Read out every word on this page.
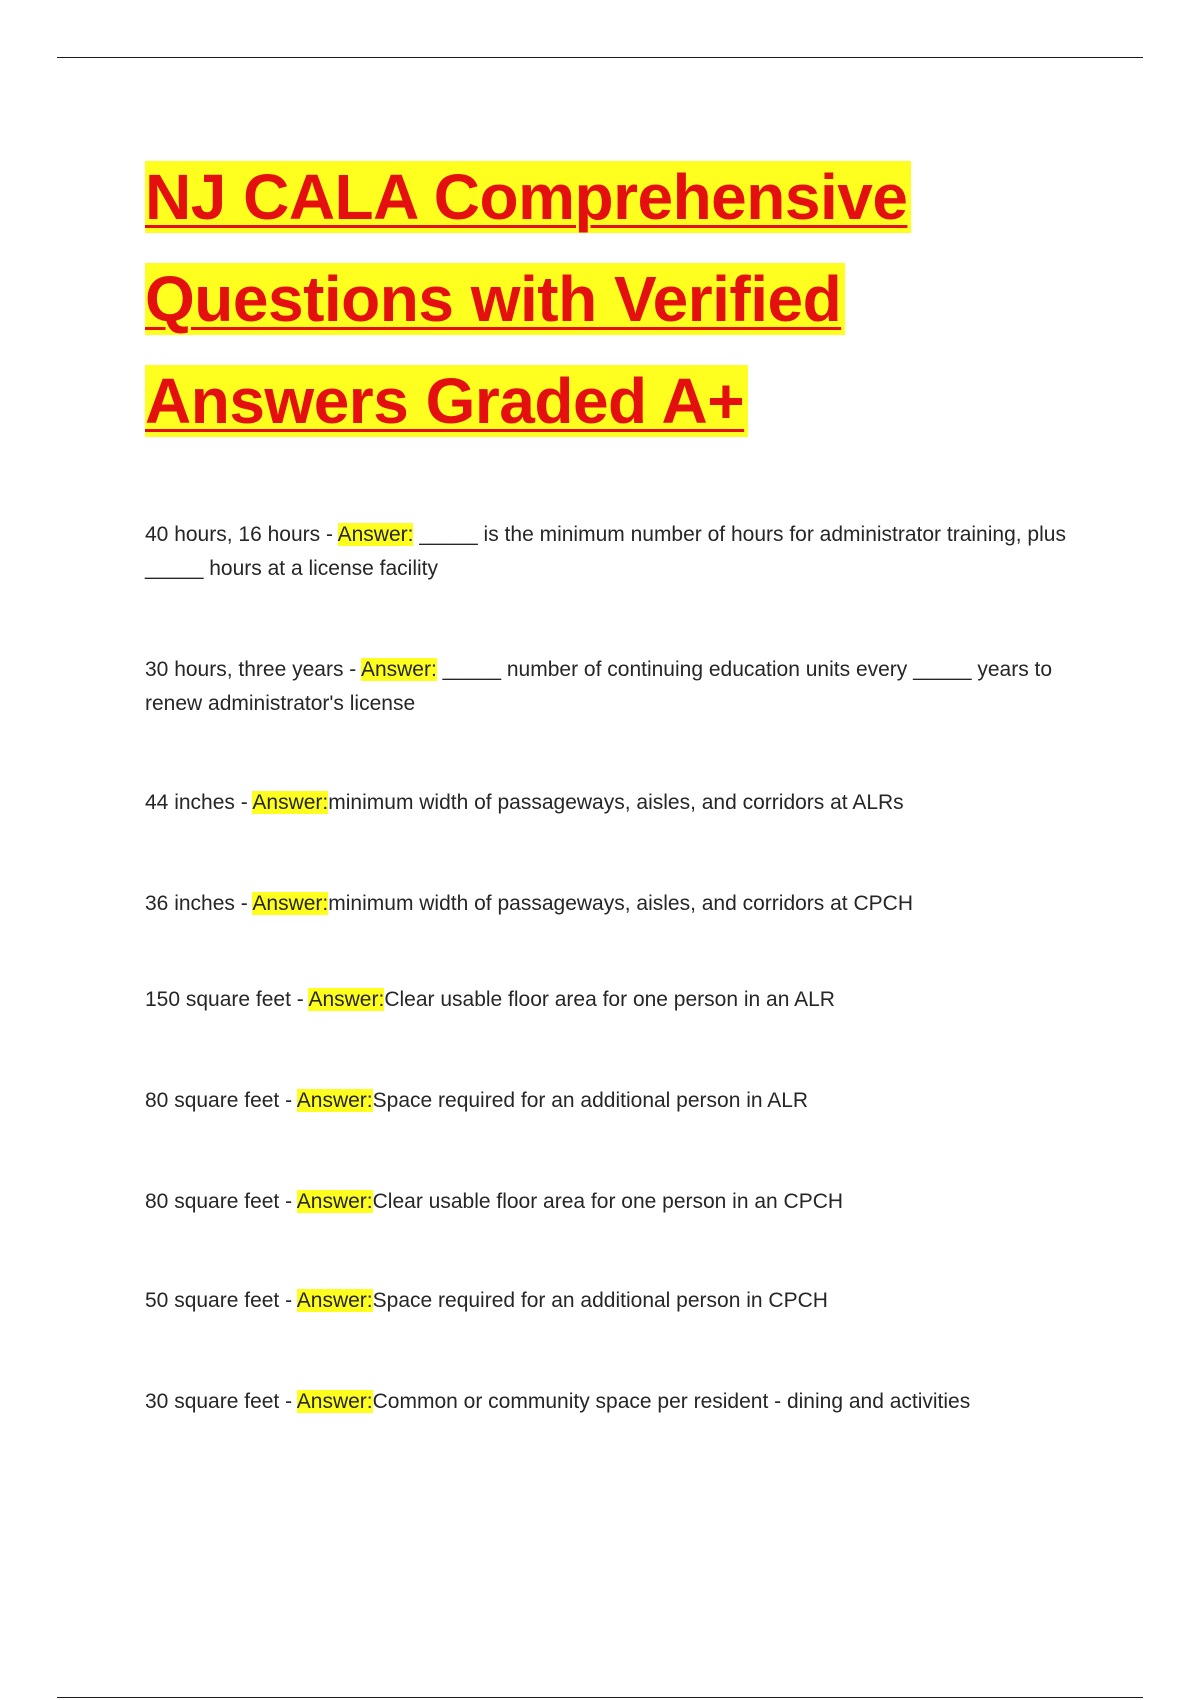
NJ CALA Comprehensive
Questions with Verified
Answers Graded A+
40 hours, 16 hours - Answer: _____ is the minimum number of hours for administrator training, plus _____ hours at a license facility
30 hours, three years - Answer: _____ number of continuing education units every _____ years to renew administrator's license
44 inches - Answer:minimum width of passageways, aisles, and corridors at ALRs
36 inches - Answer:minimum width of passageways, aisles, and corridors at CPCH
150 square feet - Answer:Clear usable floor area for one person in an ALR
80 square feet - Answer:Space required for an additional person in ALR
80 square feet - Answer:Clear usable floor area for one person in an CPCH
50 square feet - Answer:Space required for an additional person in CPCH
30 square feet - Answer:Common or community space per resident - dining and activities
